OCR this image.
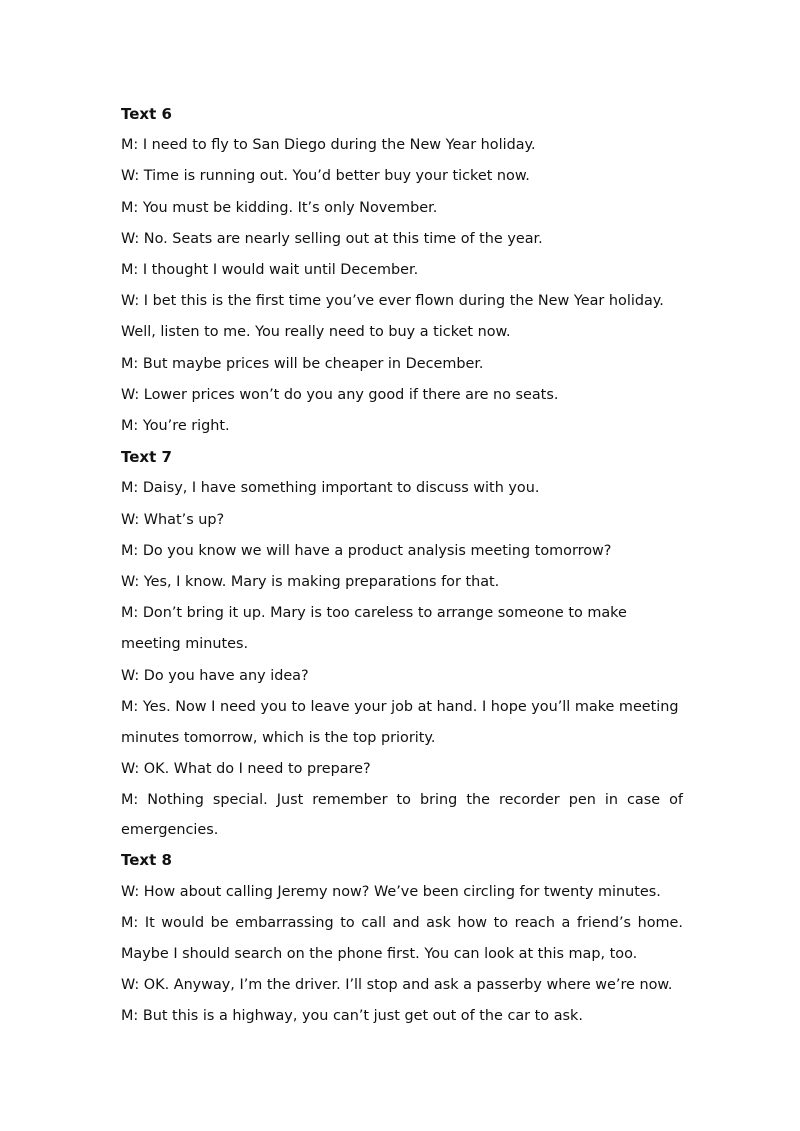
Text 6

M: I need to fly to San Diego during the New Year holiday.

W: Time is running out. You’d better buy your ticket now.

M: You must be kidding. It’s only November.

W: No. Seats are nearly selling out at this time of the year.

M: I thought I would wait until December.

W: I bet this is the first time you’ve ever flown during the New Year holiday. Well, listen to me. You really need to buy a ticket now.

M: But maybe prices will be cheaper in December.

W: Lower prices won’t do you any good if there are no seats.

M: You’re right.

Text 7

M: Daisy, I have something important to discuss with you.

W: What’s up?

M: Do you know we will have a product analysis meeting tomorrow?

W: Yes, I know. Mary is making preparations for that.

M: Don’t bring it up. Mary is too careless to arrange someone to make meeting minutes.

W: Do you have any idea?

M: Yes. Now I need you to leave your job at hand. I hope you’ll make meeting minutes tomorrow, which is the top priority.

W: OK. What do I need to prepare?

M: Nothing special. Just remember to bring the recorder pen in case of emergencies.

Text 8

W: How about calling Jeremy now? We’ve been circling for twenty minutes.

M: It would be embarrassing to call and ask how to reach a friend’s home. Maybe I should search on the phone first. You can look at this map, too.

W: OK. Anyway, I’m the driver. I’ll stop and ask a passerby where we’re now.

M: But this is a highway, you can’t just get out of the car to ask.
